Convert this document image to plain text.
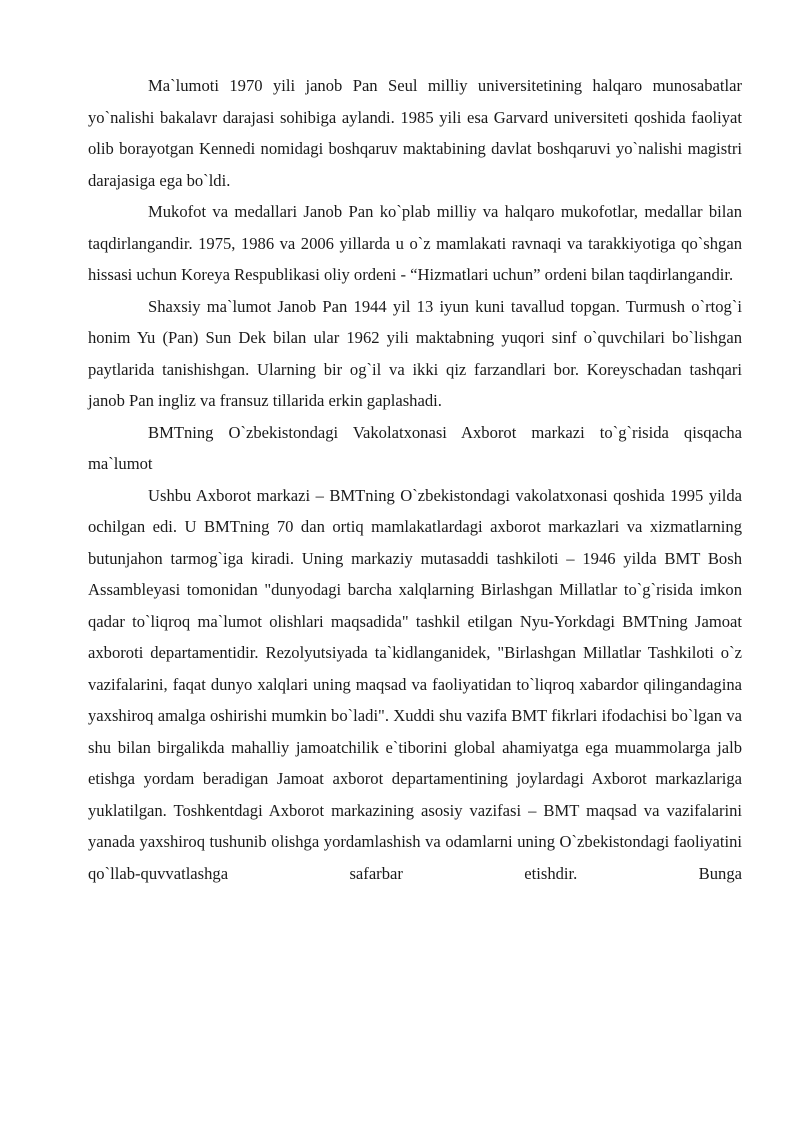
Ma`lumoti 1970 yili janob Pan Seul milliy universitetining halqaro munosabatlar yo`nalishi bakalavr darajasi sohibiga aylandi. 1985 yili esa Garvard universiteti qoshida faoliyat olib borayotgan Kennedi nomidagi boshqaruv maktabining davlat boshqaruvi yo`nalishi magistri darajasiga ega bo`ldi.

Mukofot va medallari Janob Pan ko`plab milliy va halqaro mukofotlar, medallar bilan taqdirlangandir. 1975, 1986 va 2006 yillarda u o`z mamlakati ravnaqi va tarakkiyotiga qo`shgan hissasi uchun Koreya Respublikasi oliy ordeni - “Hizmatlari uchun” ordeni bilan taqdirlangandir.

Shaxsiy ma`lumot Janob Pan 1944 yil 13 iyun kuni tavallud topgan. Turmush o`rtog`i honim Yu (Pan) Sun Dek bilan ular 1962 yili maktabning yuqori sinf o`quvchilari bo`lishgan paytlarida tanishishgan. Ularning bir og`il va ikki qiz farzandlari bor. Koreyschadan tashqari janob Pan ingliz va fransuz tillarida erkin gaplashadi.

BMTning O`zbekistondagi Vakolatxonasi Axborot markazi to`g`risida qisqacha ma`lumot

Ushbu Axborot markazi – BMTning O`zbekistondagi vakolatxonasi qoshida 1995 yilda ochilgan edi. U BMTning 70 dan ortiq mamlakatlardagi axborot markazlari va xizmatlarning butunjahon tarmog`iga kiradi. Uning markaziy mutasaddi tashkiloti – 1946 yilda BMT Bosh Assambleyasi tomonidan "dunyodagi barcha xalqlarning Birlashgan Millatlar to`g`risida imkon qadar to`liqroq ma`lumot olishlari maqsadida" tashkil etilgan Nyu-Yorkdagi BMTning Jamoat axboroti departamentidir. Rezolyutsiyada ta`kidlanganidek, "Birlashgan Millatlar Tashkiloti o`z vazifalarini, faqat dunyo xalqlari uning maqsad va faoliyatidan to`liqroq xabardor qilingandagina yaxshiroq amalga oshirishi mumkin bo`ladi". Xuddi shu vazifa BMT fikrlari ifodachisi bo`lgan va shu bilan birgalikda mahalliy jamoatchilik e`tiborini global ahamiyatga ega muammolarga jalb etishga yordam beradigan Jamoat axborot departamentining joylardagi Axborot markazlariga yuklatilgan. Toshkentdagi Axborot markazining asosiy vazifasi – BMT maqsad va vazifalarini yanada yaxshiroq tushunib olishga yordamlashish va odamlarni uning O`zbekistondagi faoliyatini qo`llab-quvvatlashga safarbar etishdir. Bunga
